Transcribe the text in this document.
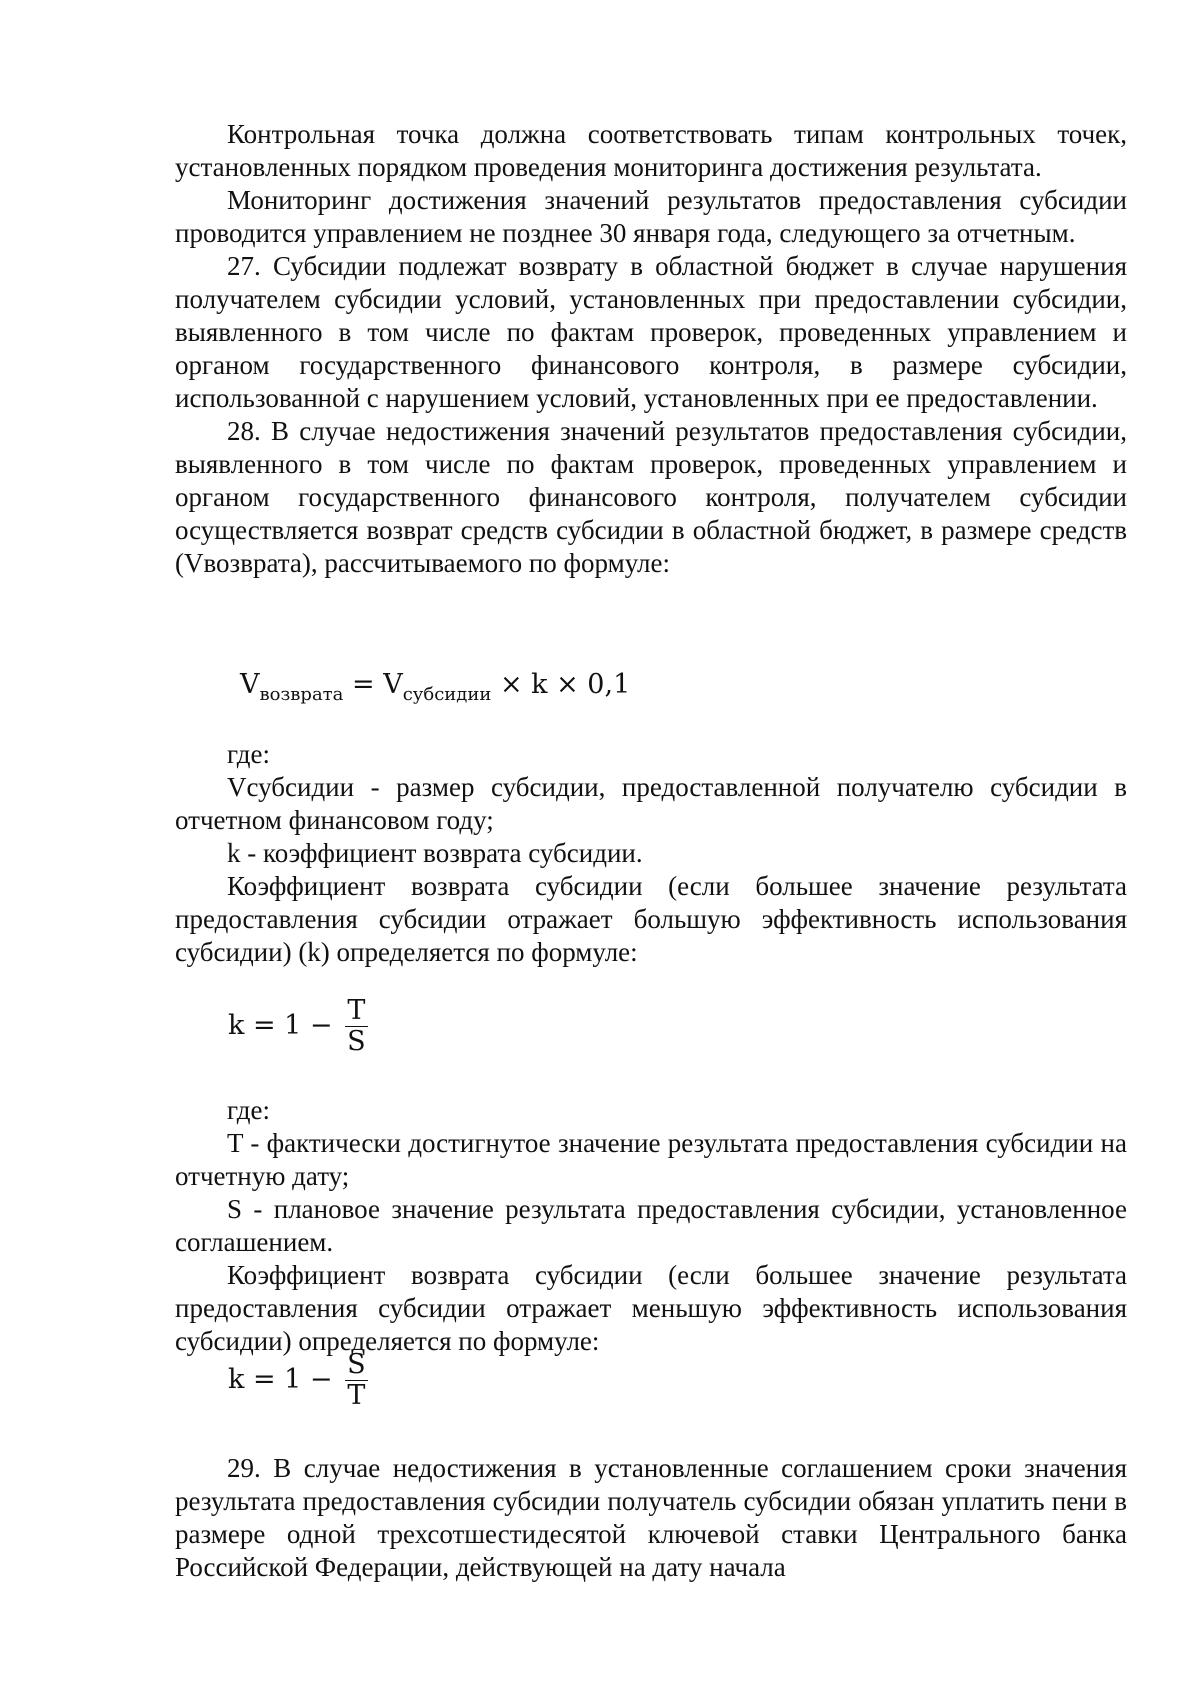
Контрольная точка должна соответствовать типам контрольных точек, установленных порядком проведения мониторинга достижения результата.

Мониторинг достижения значений результатов предоставления субсидии проводится управлением не позднее 30 января года, следующего за отчетным.

27. Субсидии подлежат возврату в областной бюджет в случае нарушения получателем субсидии условий, установленных при предоставлении субсидии, выявленного в том числе по фактам проверок, проведенных управлением и органом государственного финансового контроля, в размере субсидии, использованной с нарушением условий, установленных при ее предоставлении.

28. В случае недостижения значений результатов предоставления субсидии, выявленного в том числе по фактам проверок, проведенных управлением и органом государственного финансового контроля, получателем субсидии осуществляется возврат средств субсидии в областной бюджет, в размере средств (Vвозврата), рассчитываемого по формуле:

$V_{возврата} = V_{субсидии} \times k \times 0,1$

где:

Vсубсидии - размер субсидии, предоставленной получателю субсидии в отчетном финансовом году;

k - коэффициент возврата субсидии.

Коэффициент возврата субсидии (если большее значение результата предоставления субсидии отражает большую эффективность использования субсидии) (k) определяется по формуле:

$k = 1 - \frac{T}{S}$

где:

T - фактически достигнутое значение результата предоставления субсидии на отчетную дату;

S - плановое значение результата предоставления субсидии, установленное соглашением.

Коэффициент возврата субсидии (если большее значение результата предоставления субсидии отражает меньшую эффективность использования субсидии) определяется по формуле:

$k = 1 - \frac{S}{T}$

29. В случае недостижения в установленные соглашением сроки значения результата предоставления субсидии получатель субсидии обязан уплатить пени в размере одной трехсотшестидесятой ключевой ставки Центрального банка Российской Федерации, действующей на дату начала
